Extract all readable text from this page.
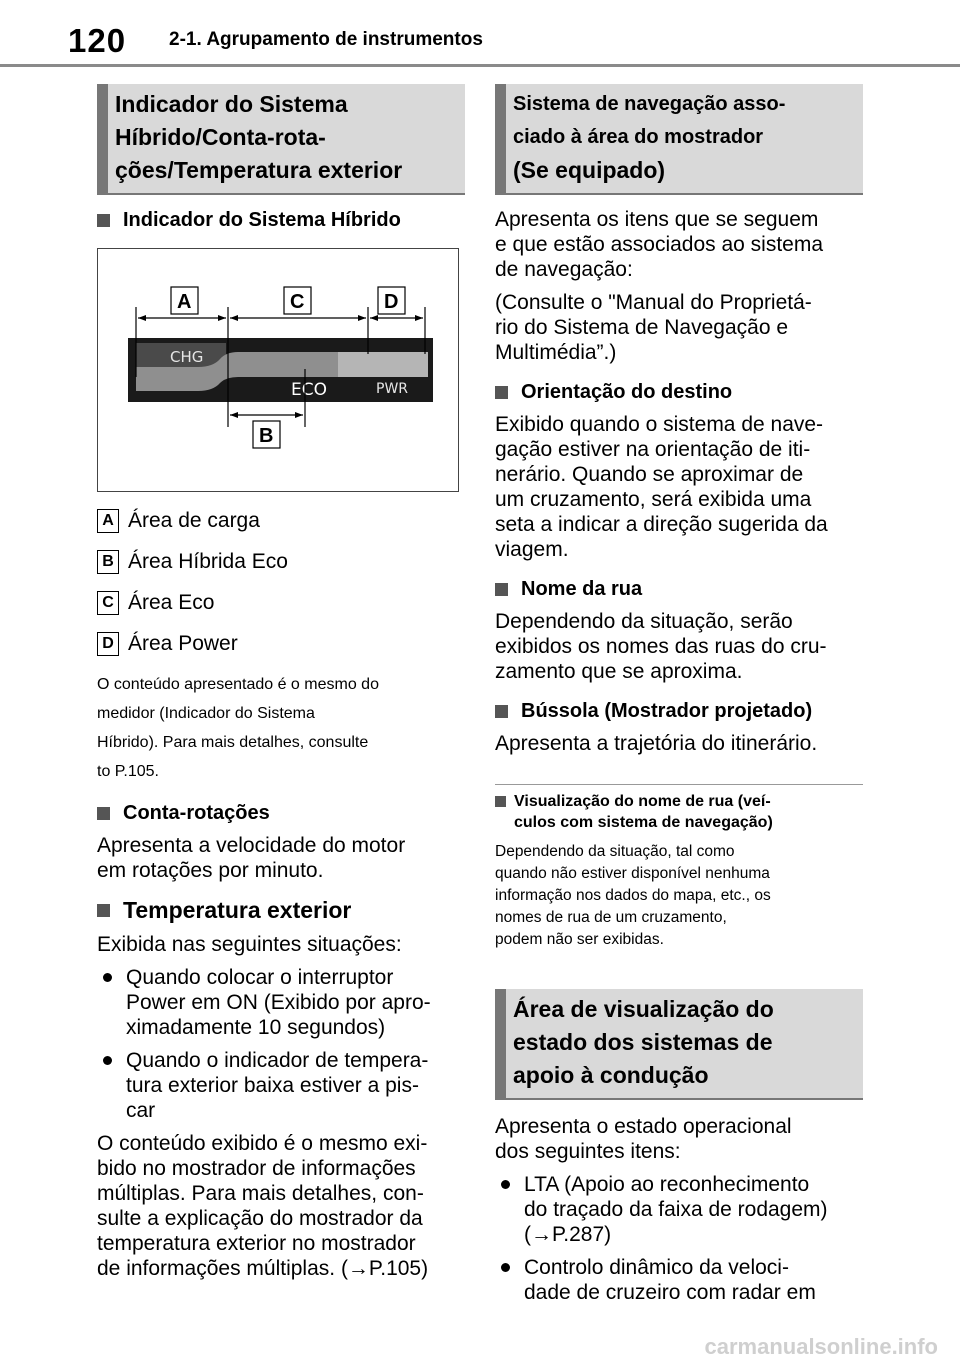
120 2-1. Agrupamento de instrumentos
Indicador do Sistema
Híbrido/Conta-rota-
ções/Temperatura exterior
Indicador do Sistema Híbrido
CHG
ECO	PWR
A	C	D
B
A Área de carga
B Área Híbrida Eco
C Área Eco
D Área Power

O conteúdo apresentado é o mesmo do
medidor (Indicador do Sistema
Híbrido). Para mais detalhes, consulte
to P.105.

Conta-rotações

Apresenta a velocidade do motor
em rotações por minuto.

Temperatura exterior

Exibida nas seguintes situações:

Quando colocar o interruptor
Power em ON (Exibido por apro-
ximadamente 10 segundos)
Quando o indicador de tempera-
tura exterior baixa estiver a pis-
car

O conteúdo exibido é o mesmo exi-
bido no mostrador de informações
múltiplas. Para mais detalhes, con-
sulte a explicação do mostrador da
temperatura exterior no mostrador
de informações múltiplas. (→P.105)

Sistema de navegação asso-
ciado à área do mostrador
(Se equipado)

Apresenta os itens que se seguem
e que estão associados ao sistema
de navegação:

(Consulte o "Manual do Proprietá-
rio do Sistema de Navegação e
Multimédia”.)

Orientação do destino

Exibido quando o sistema de nave-
gação estiver na orientação de iti-
nerário. Quando se aproximar de
um cruzamento, será exibida uma
seta a indicar a direção sugerida da
viagem.

Nome da rua

Dependendo da situação, serão
exibidos os nomes das ruas do cru-
zamento que se aproxima.

Bússola (Mostrador projetado)

Apresenta a trajetória do itinerário.

Visualização do nome de rua (veí-
culos com sistema de navegação)

Dependendo da situação, tal como
quando não estiver disponível nenhuma
informação nos dados do mapa, etc., os
nomes de rua de um cruzamento,
podem não ser exibidas.

Área de visualização do
estado dos sistemas de
apoio à condução

Apresenta o estado operacional
dos seguintes itens:

LTA (Apoio ao reconhecimento
do traçado da faixa de rodagem)
(→P.287)
Controlo dinâmico da veloci-
dade de cruzeiro com radar em
carmanualsonline.info
